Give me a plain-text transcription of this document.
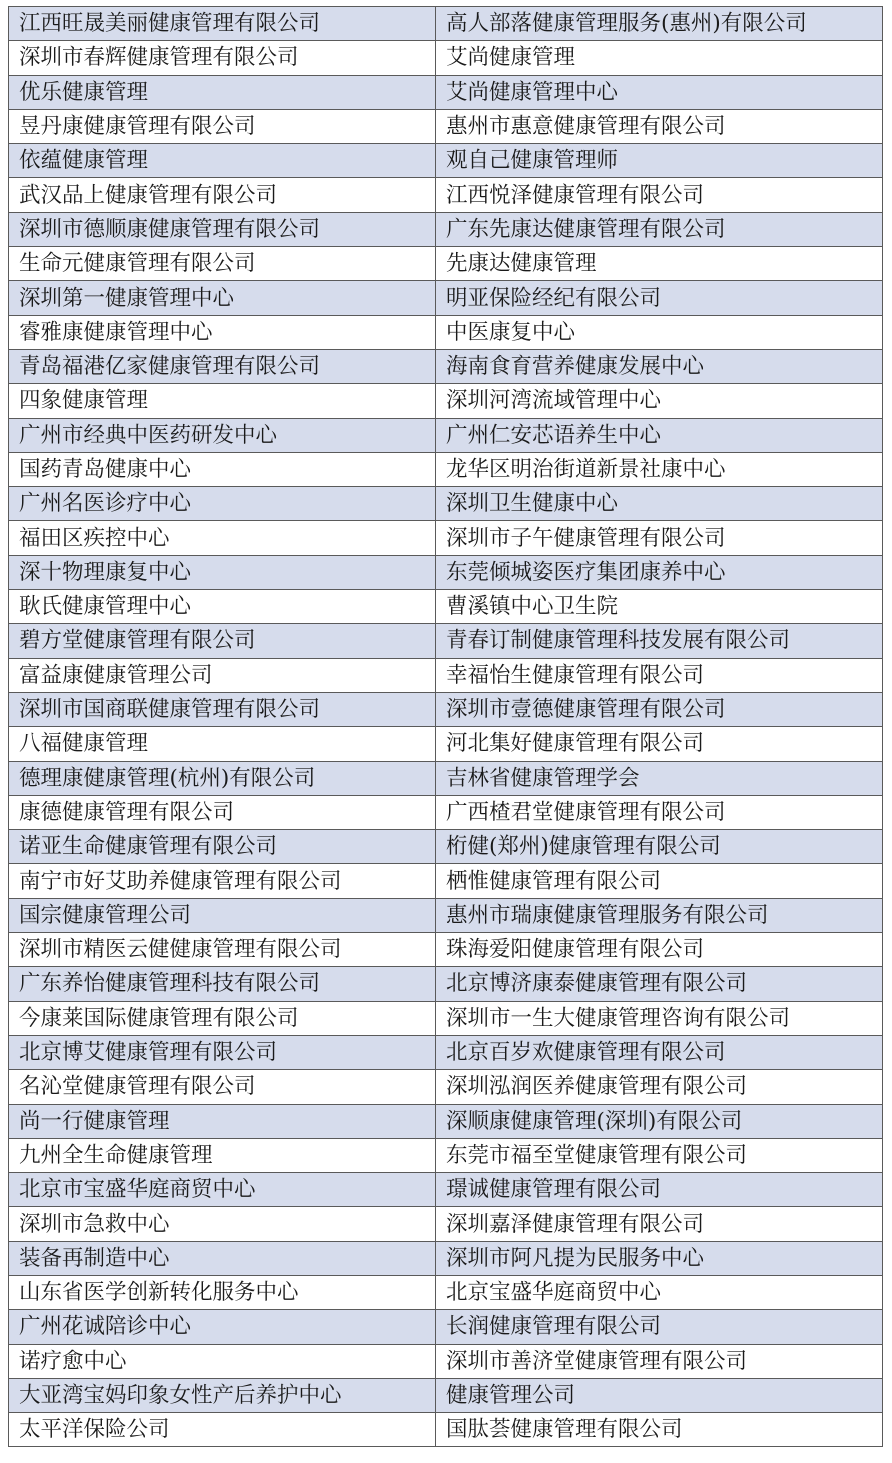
江西旺晟美丽健康管理有限公司	高人部落健康管理服务(惠州)有限公司
深圳市春辉健康管理有限公司	艾尚健康管理
优乐健康管理	艾尚健康管理中心
昱丹康健康管理有限公司	惠州市惠意健康管理有限公司
依蕴健康管理	观自己健康管理师
武汉品上健康管理有限公司	江西悦泽健康管理有限公司
深圳市德顺康健康管理有限公司	广东先康达健康管理有限公司
生命元健康管理有限公司	先康达健康管理
深圳第一健康管理中心	明亚保险经纪有限公司
睿雅康健康管理中心	中医康复中心
青岛福港亿家健康管理有限公司	海南食育营养健康发展中心
四象健康管理	深圳河湾流域管理中心
广州市经典中医药研发中心	广州仁安芯语养生中心
国药青岛健康中心	龙华区明治街道新景社康中心
广州名医诊疗中心	深圳卫生健康中心
福田区疾控中心	深圳市子午健康管理有限公司
深十物理康复中心	东莞倾城姿医疗集团康养中心
耿氏健康管理中心	曹溪镇中心卫生院
碧方堂健康管理有限公司	青春订制健康管理科技发展有限公司
富益康健康管理公司	幸福怡生健康管理有限公司
深圳市国商联健康管理有限公司	深圳市壹德健康管理有限公司
八福健康管理	河北集好健康管理有限公司
德理康健康管理(杭州)有限公司	吉林省健康管理学会
康德健康管理有限公司	广西楂君堂健康管理有限公司
诺亚生命健康管理有限公司	桁健(郑州)健康管理有限公司
南宁市好艾助养健康管理有限公司	栖惟健康管理有限公司
国宗健康管理公司	惠州市瑞康健康管理服务有限公司
深圳市精医云健健康管理有限公司	珠海爱阳健康管理有限公司
广东养怡健康管理科技有限公司	北京博济康泰健康管理有限公司
今康莱国际健康管理有限公司	深圳市一生大健康管理咨询有限公司
北京博艾健康管理有限公司	北京百岁欢健康管理有限公司
名沁堂健康管理有限公司	深圳泓润医养健康管理有限公司
尚一行健康管理	深顺康健康管理(深圳)有限公司
九州全生命健康管理	东莞市福至堂健康管理有限公司
北京市宝盛华庭商贸中心	璟诚健康管理有限公司
深圳市急救中心	深圳嘉泽健康管理有限公司
装备再制造中心	深圳市阿凡提为民服务中心
山东省医学创新转化服务中心	北京宝盛华庭商贸中心
广州花诚陪诊中心	长润健康管理有限公司
诺疗愈中心	深圳市善济堂健康管理有限公司
大亚湾宝妈印象女性产后养护中心	健康管理公司
太平洋保险公司	国肽荟健康管理有限公司
